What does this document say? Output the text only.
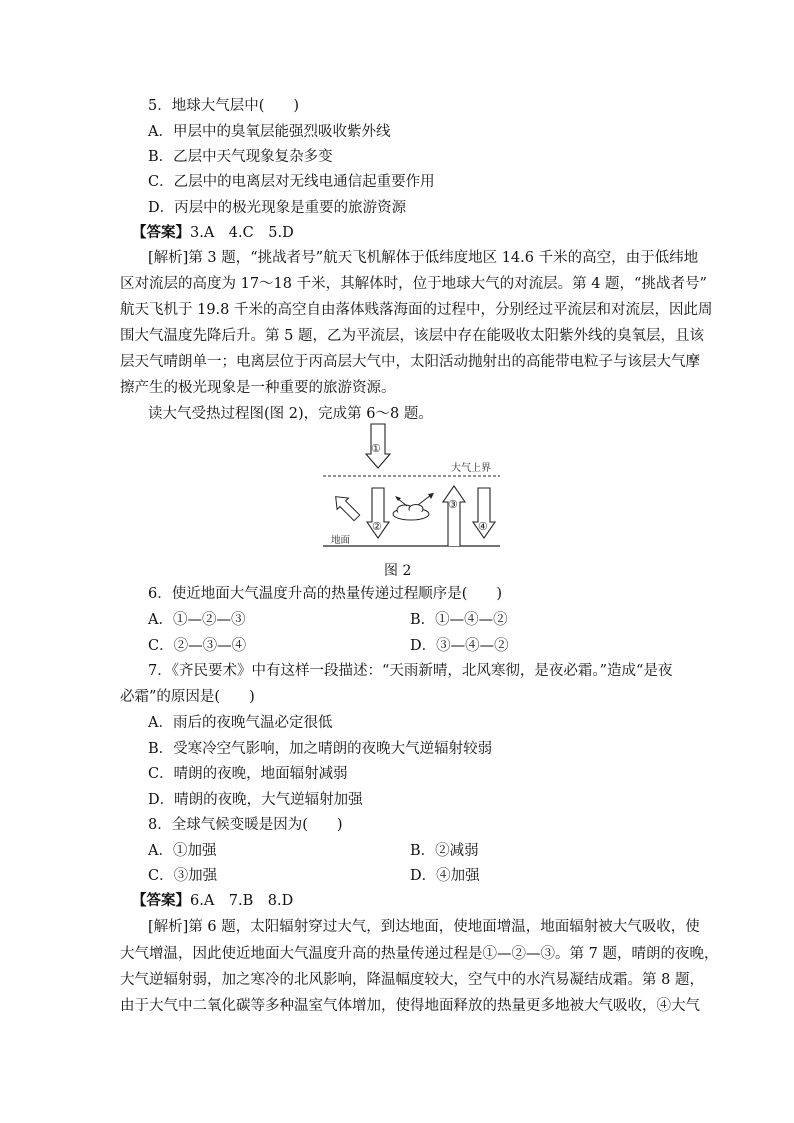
5．地球大气层中(　　)
A．甲层中的臭氧层能强烈吸收紫外线
B．乙层中天气现象复杂多变
C．乙层中的电离层对无线电通信起重要作用
D．丙层中的极光现象是重要的旅游资源
【答案】3.A　4.C　5.D
[解析]第 3 题，“挑战者号”航天飞机解体于低纬度地区 14.6 千米的高空，由于低纬地
区对流层的高度为 17～18 千米，其解体时，位于地球大气的对流层。第 4 题，“挑战者号”
航天飞机于 19.8 千米的高空自由落体贱落海面的过程中，分别经过平流层和对流层，因此周
围大气温度先降后升。第 5 题，乙为平流层，该层中存在能吸收太阳紫外线的臭氧层，且该
层天气晴朗单一；电离层位于丙高层大气中，太阳活动抛射出的高能带电粒子与该层大气摩
擦产生的极光现象是一种重要的旅游资源。
读大气受热过程图(图 2)，完成第 6～8 题。
大气上界
地面
①
②
③
④
图 2
6．使近地面大气温度升高的热量传递过程顺序是(　　)
A．①—②—③	B．①—④—②
C．②—③—④	D．③—④—②
7．《齐民要术》中有这样一段描述：“天雨新晴，北风寒彻，是夜必霜。”造成“是夜
必霜”的原因是(　　)
A．雨后的夜晚气温必定很低
B．受寒冷空气影响，加之晴朗的夜晚大气逆辐射较弱
C．晴朗的夜晚，地面辐射减弱
D．晴朗的夜晚，大气逆辐射加强
8．全球气候变暖是因为(　　)
A．①加强	B．②减弱
C．③加强	D．④加强
【答案】6.A　7.B　8.D
[解析]第 6 题，太阳辐射穿过大气，到达地面，使地面增温，地面辐射被大气吸收，使
大气增温，因此使近地面大气温度升高的热量传递过程是①—②—③。第 7 题，晴朗的夜晚，
大气逆辐射弱，加之寒冷的北风影响，降温幅度较大，空气中的水汽易凝结成霜。第 8 题，
由于大气中二氧化碳等多种温室气体增加，使得地面释放的热量更多地被大气吸收，④大气
